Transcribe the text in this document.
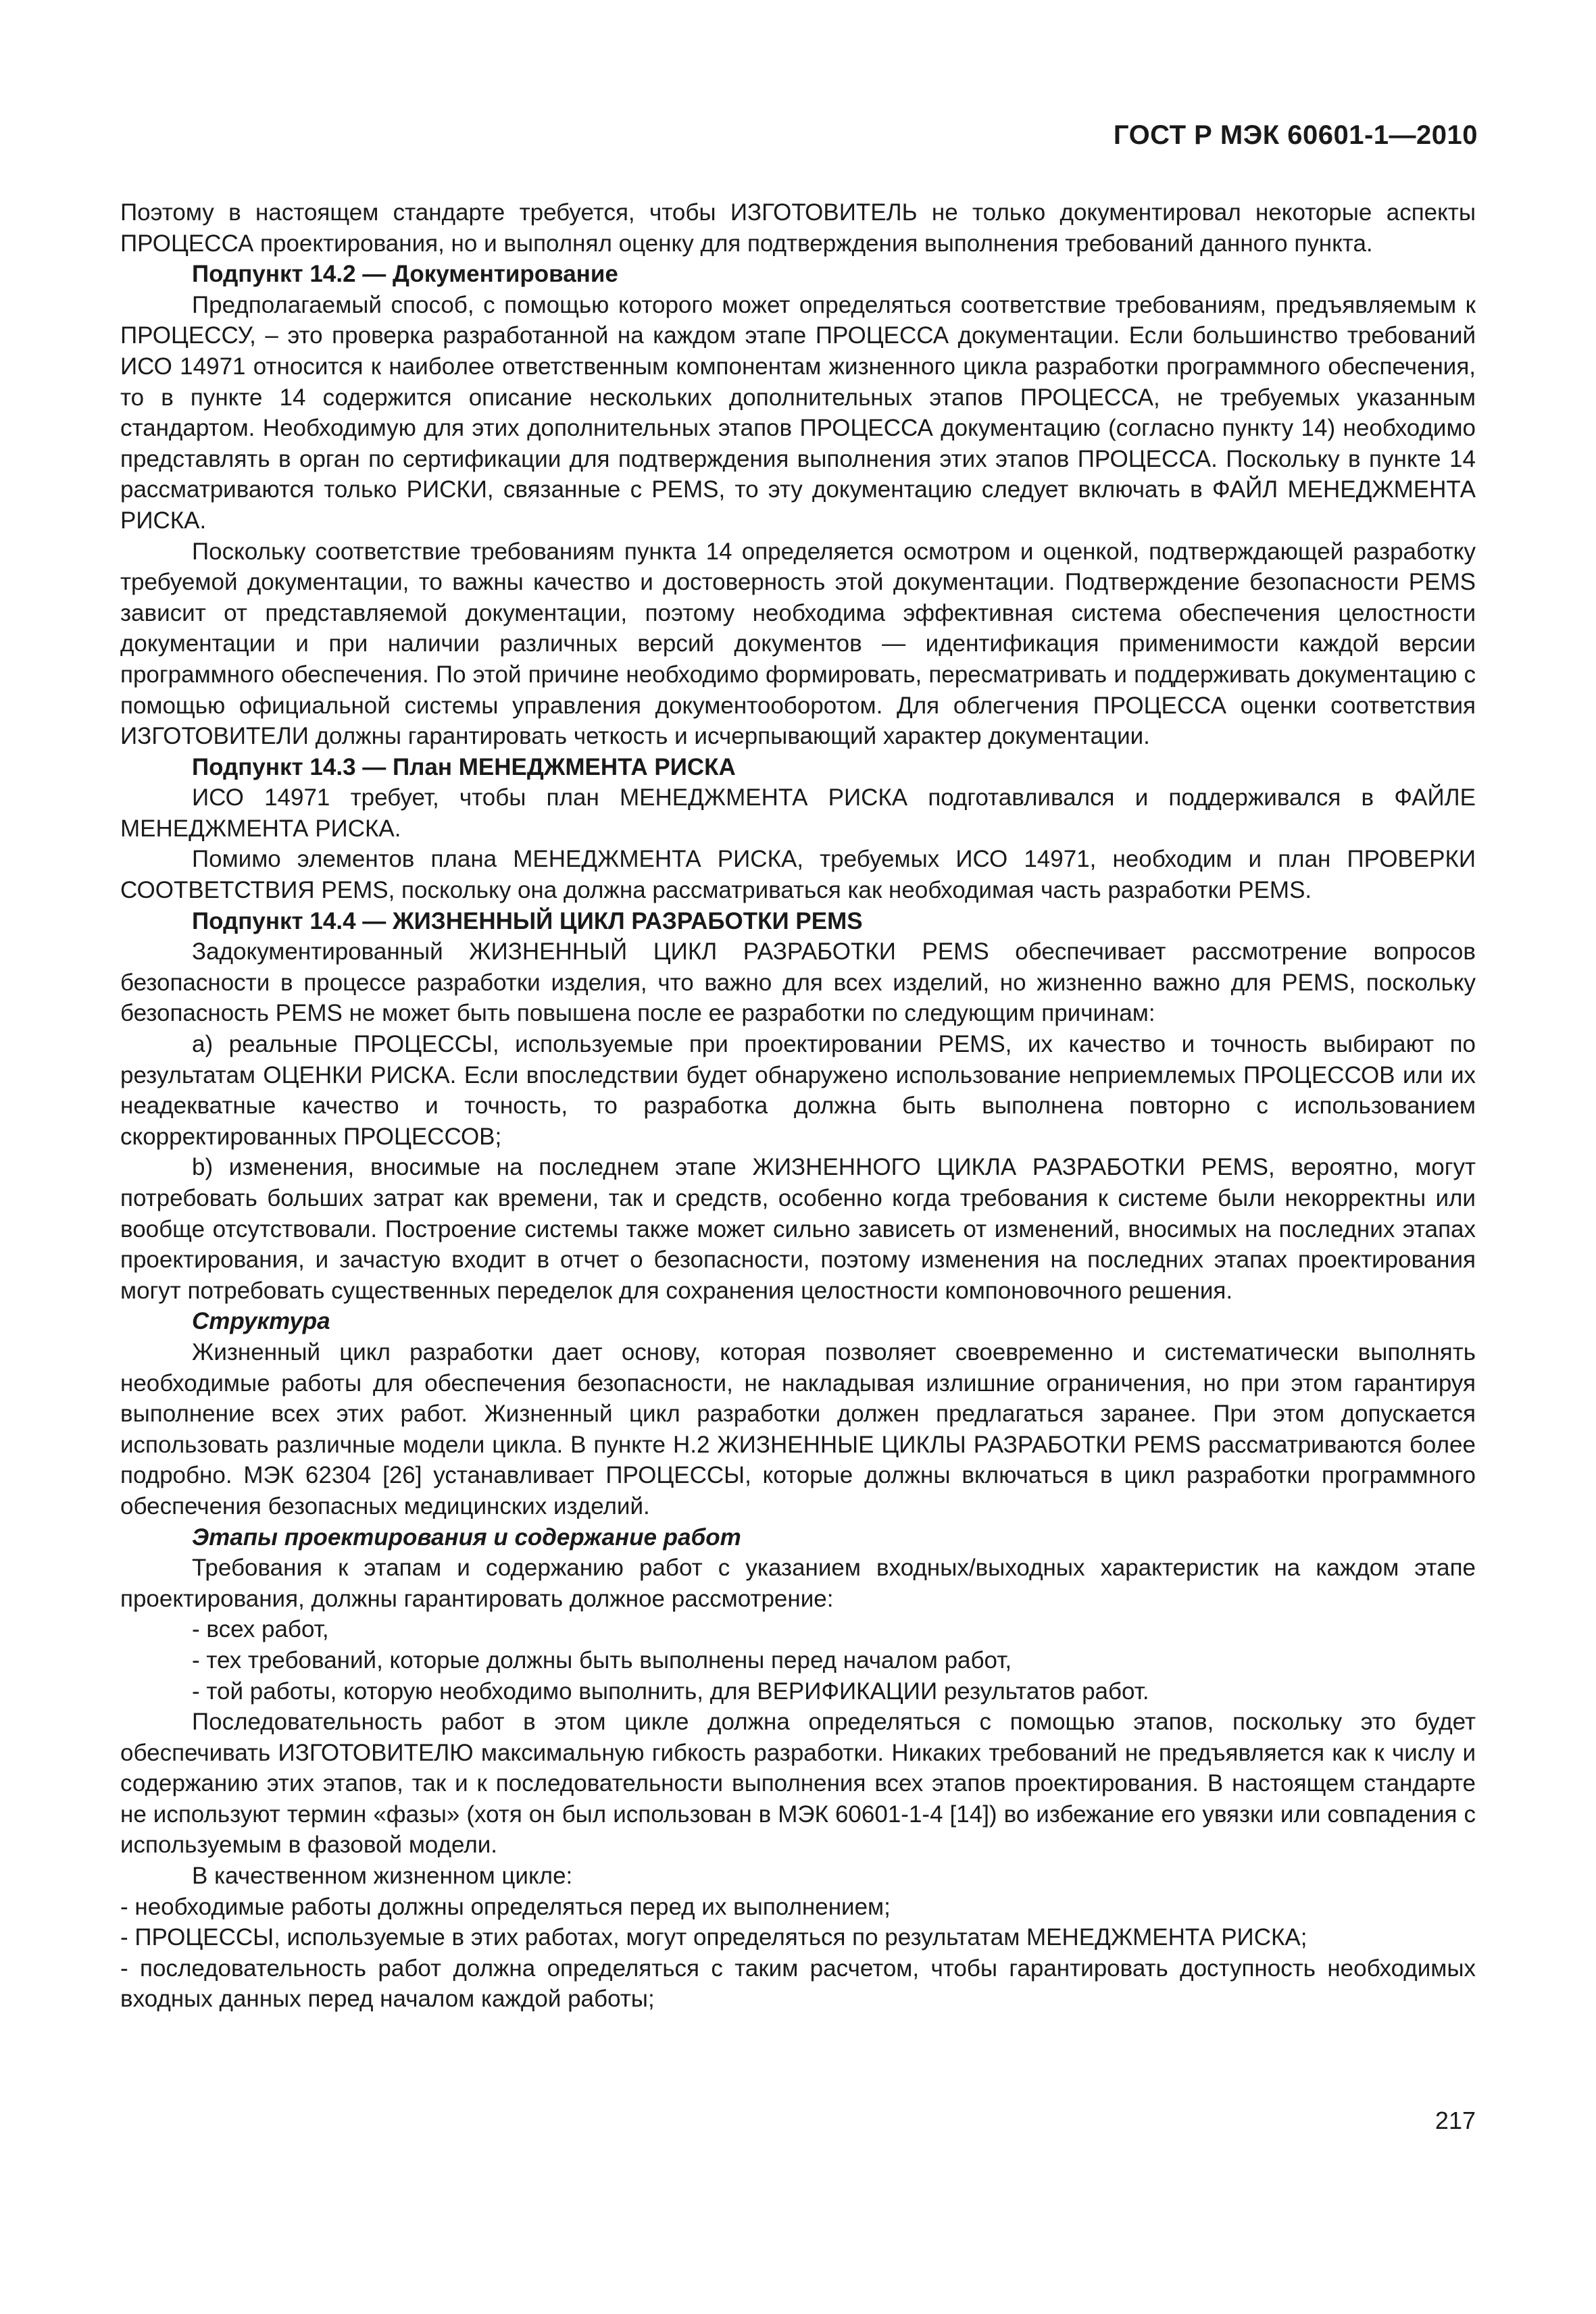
ГОСТ Р МЭК 60601-1—2010

Поэтому в настоящем стандарте требуется, чтобы ИЗГОТОВИТЕЛЬ не только документировал некоторые аспекты ПРОЦЕССА проектирования, но и выполнял оценку для подтверждения выполнения требований данного пункта.

Подпункт 14.2 — Документирование

Предполагаемый способ, с помощью которого может определяться соответствие требованиям, предъявляемым к ПРОЦЕССУ, – это проверка разработанной на каждом этапе ПРОЦЕССА документации. Если большинство требований ИСО 14971 относится к наиболее ответственным компонентам жизненного цикла разработки программного обеспечения, то в пункте 14 содержится описание нескольких дополнительных этапов ПРОЦЕССА, не требуемых указанным стандартом. Необходимую для этих дополнительных этапов ПРОЦЕССА документацию (согласно пункту 14) необходимо представлять в орган по сертификации для подтверждения выполнения этих этапов ПРОЦЕССА. Поскольку в пункте 14 рассматриваются только РИСКИ, связанные с PEMS, то эту документацию следует включать в ФАЙЛ МЕНЕДЖМЕНТА РИСКА.

Поскольку соответствие требованиям пункта 14 определяется осмотром и оценкой, подтверждающей разработку требуемой документации, то важны качество и достоверность этой документации. Подтверждение безопасности PEMS зависит от представляемой документации, поэтому необходима эффективная система обеспечения целостности документации и при наличии различных версий документов — идентификация применимости каждой версии программного обеспечения. По этой причине необходимо формировать, пересматривать и поддерживать документацию с помощью официальной системы управления документооборотом. Для облегчения ПРОЦЕССА оценки соответствия ИЗГОТОВИТЕЛИ должны гарантировать четкость и исчерпывающий характер документации.

Подпункт 14.3 — План МЕНЕДЖМЕНТА РИСКА

ИСО 14971 требует, чтобы план МЕНЕДЖМЕНТА РИСКА подготавливался и поддерживался в ФАЙЛЕ МЕНЕДЖМЕНТА РИСКА.

Помимо элементов плана МЕНЕДЖМЕНТА РИСКА, требуемых ИСО 14971, необходим и план ПРОВЕРКИ СООТВЕТСТВИЯ PEMS, поскольку она должна рассматриваться как необходимая часть разработки PEMS.

Подпункт 14.4 — ЖИЗНЕННЫЙ ЦИКЛ РАЗРАБОТКИ PEMS

Задокументированный ЖИЗНЕННЫЙ ЦИКЛ РАЗРАБОТКИ PEMS обеспечивает рассмотрение вопросов безопасности в процессе разработки изделия, что важно для всех изделий, но жизненно важно для PEMS, поскольку безопасность PEMS не может быть повышена после ее разработки по следующим причинам:

а) реальные ПРОЦЕССЫ, используемые при проектировании PEMS, их качество и точность выбирают по результатам ОЦЕНКИ РИСКА. Если впоследствии будет обнаружено использование неприемлемых ПРОЦЕССОВ или их неадекватные качество и точность, то разработка должна быть выполнена повторно с использованием скорректированных ПРОЦЕССОВ;

b) изменения, вносимые на последнем этапе ЖИЗНЕННОГО ЦИКЛА РАЗРАБОТКИ PEMS, вероятно, могут потребовать больших затрат как времени, так и средств, особенно когда требования к системе были некорректны или вообще отсутствовали. Построение системы также может сильно зависеть от изменений, вносимых на последних этапах проектирования, и зачастую входит в отчет о безопасности, поэтому изменения на последних этапах проектирования могут потребовать существенных переделок для сохранения целостности компоновочного решения.

Структура

Жизненный цикл разработки дает основу, которая позволяет своевременно и систематически выполнять необходимые работы для обеспечения безопасности, не накладывая излишние ограничения, но при этом гарантируя выполнение всех этих работ. Жизненный цикл разработки должен предлагаться заранее. При этом допускается использовать различные модели цикла. В пункте Н.2 ЖИЗНЕННЫЕ ЦИКЛЫ РАЗРАБОТКИ PEMS рассматриваются более подробно. МЭК 62304 [26] устанавливает ПРОЦЕССЫ, которые должны включаться в цикл разработки программного обеспечения безопасных медицинских изделий.

Этапы проектирования и содержание работ

Требования к этапам и содержанию работ с указанием входных/выходных характеристик на каждом этапе проектирования, должны гарантировать должное рассмотрение:

- всех работ,

- тех требований, которые должны быть выполнены перед началом работ,

- той работы, которую необходимо выполнить, для ВЕРИФИКАЦИИ результатов работ.

Последовательность работ в этом цикле должна определяться с помощью этапов, поскольку это будет обеспечивать ИЗГОТОВИТЕЛЮ максимальную гибкость разработки. Никаких требований не предъявляется как к числу и содержанию этих этапов, так и к последовательности выполнения всех этапов проектирования. В настоящем стандарте не используют термин «фазы» (хотя он был использован в МЭК 60601-1-4 [14]) во избежание его увязки или совпадения с используемым в фазовой модели.

В качественном жизненном цикле:

- необходимые работы должны определяться перед их выполнением;

- ПРОЦЕССЫ, используемые в этих работах, могут определяться по результатам МЕНЕДЖМЕНТА РИСКА;

- последовательность работ должна определяться с таким расчетом, чтобы гарантировать доступность необходимых входных данных перед началом каждой работы;

217
